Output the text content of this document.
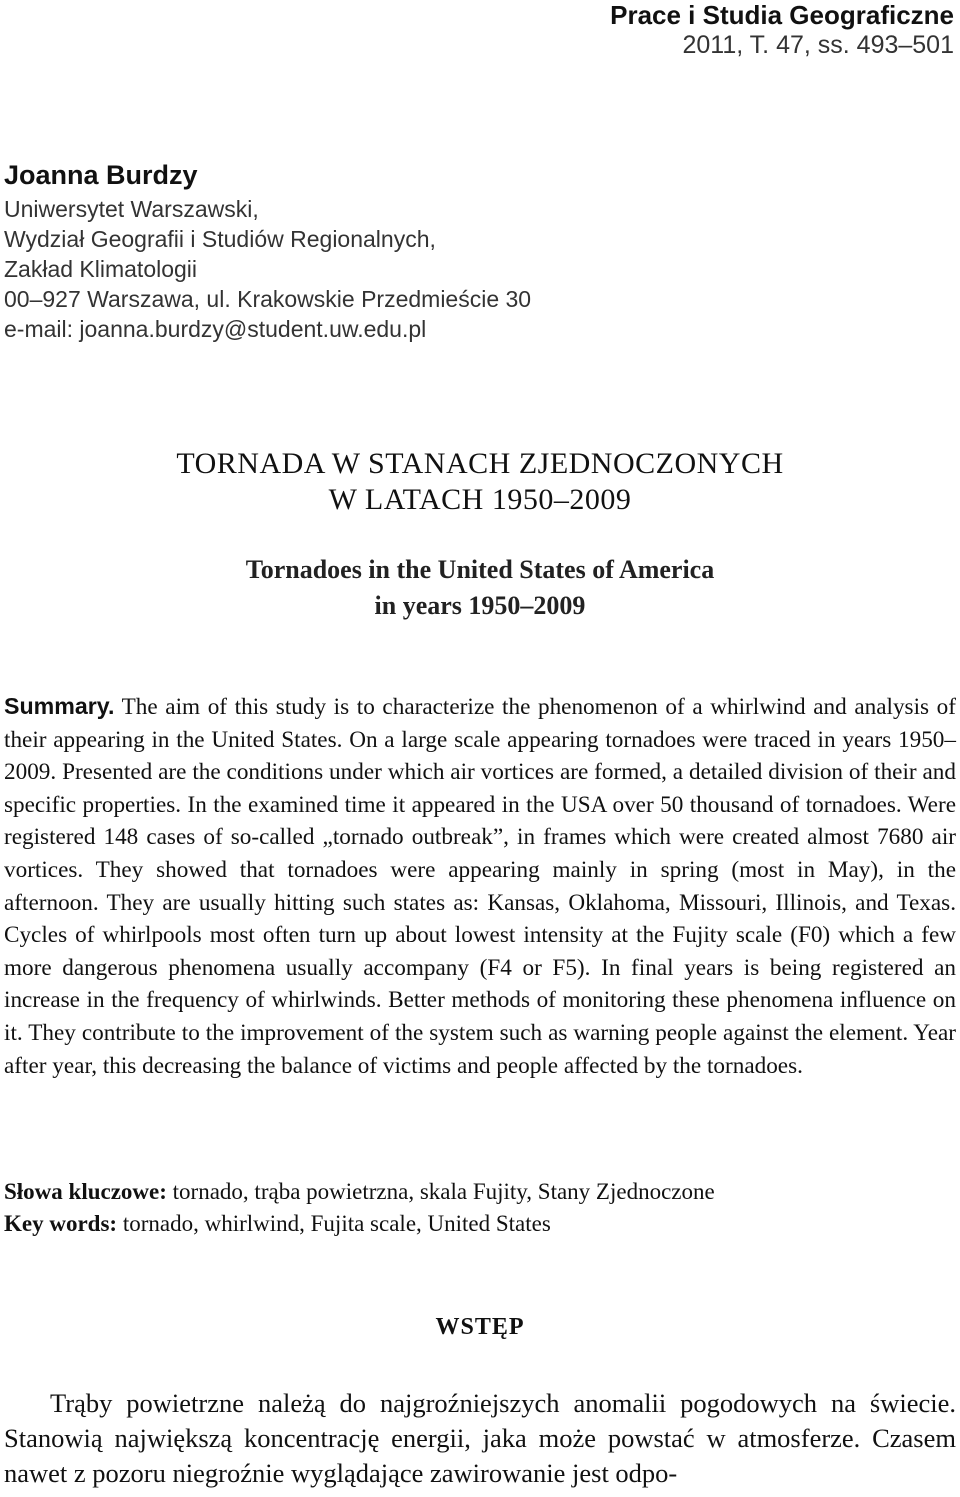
Prace i Studia Geograficzne
2011, T. 47, ss. 493–501
Joanna Burdzy
Uniwersytet Warszawski,
Wydział Geografii i Studiów Regionalnych,
Zakład Klimatologii
00–927 Warszawa, ul. Krakowskie Przedmieście 30
e-mail: joanna.burdzy@student.uw.edu.pl
TORNADA W STANACH ZJEDNOCZONYCH
W LATACH 1950–2009
Tornadoes in the United States of America
in years 1950–2009
Summary. The aim of this study is to characterize the phenomenon of a whirlwind and analysis of their appearing in the United States. On a large scale appearing tornadoes were traced in years 1950–2009. Presented are the conditions under which air vortices are formed, a detailed division of their and specific properties. In the examined time it appeared in the USA over 50 thousand of tornadoes. Were registered 148 cases of so-called „tornado outbreak”, in frames which were created almost 7680 air vortices. They showed that tornadoes were appearing mainly in spring (most in May), in the afternoon. They are usually hitting such states as: Kansas, Oklahoma, Missouri, Illinois, and Texas. Cycles of whirlpools most often turn up about lowest intensity at the Fujity scale (F0) which a few more dangerous phenomena usually accompany (F4 or F5). In final years is being registered an increase in the frequency of whirlwinds. Better methods of monitoring these phenomena influence on it. They contribute to the improvement of the system such as warning people against the element. Year after year, this decreasing the balance of victims and people affected by the tornadoes.
Słowa kluczowe: tornado, trąba powietrzna, skala Fujity, Stany Zjednoczone
Key words: tornado, whirlwind, Fujita scale, United States
WSTĘP
Trąby powietrzne należą do najgroźniejszych anomalii pogodowych na świecie. Stanowią największą koncentrację energii, jaka może powstać w atmosferze. Czasem nawet z pozoru niegroźnie wyglądające zawirowanie jest odpo-
